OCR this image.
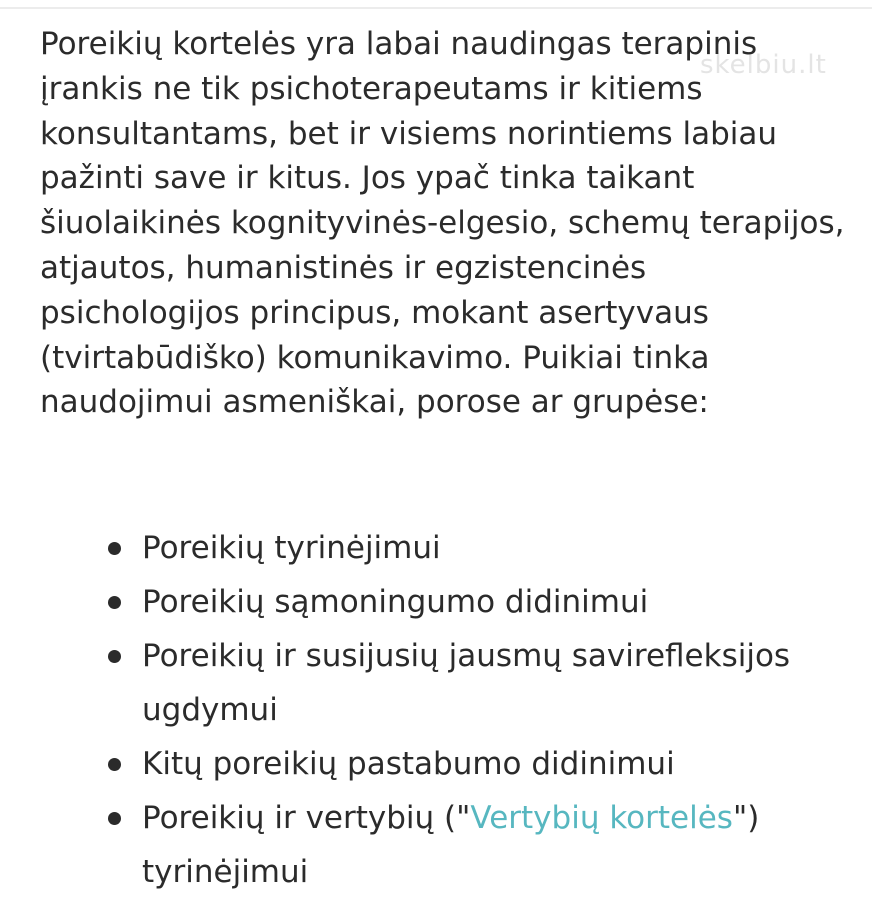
skelbiu.lt

Poreikių kortelės yra labai naudingas terapinis įrankis ne tik psichoterapeutams ir kitiems konsultantams, bet ir visiems norintiems labiau pažinti save ir kitus. Jos ypač tinka taikant šiuolaikinės kognityvinės-elgesio, schemų terapijos, atjautos, humanistinės ir egzistencinės psichologijos principus, mokant asertyvaus (tvirtabūdiško) komunikavimo. Puikiai tinka naudojimui asmeniškai, porose ar grupėse:

Poreikių tyrinėjimui
Poreikių sąmoningumo didinimui
Poreikių ir susijusių jausmų savirefleksijos ugdymui
Kitų poreikių pastabumo didinimui
Poreikių ir vertybių ("Vertybių kortelės") tyrinėjimui
